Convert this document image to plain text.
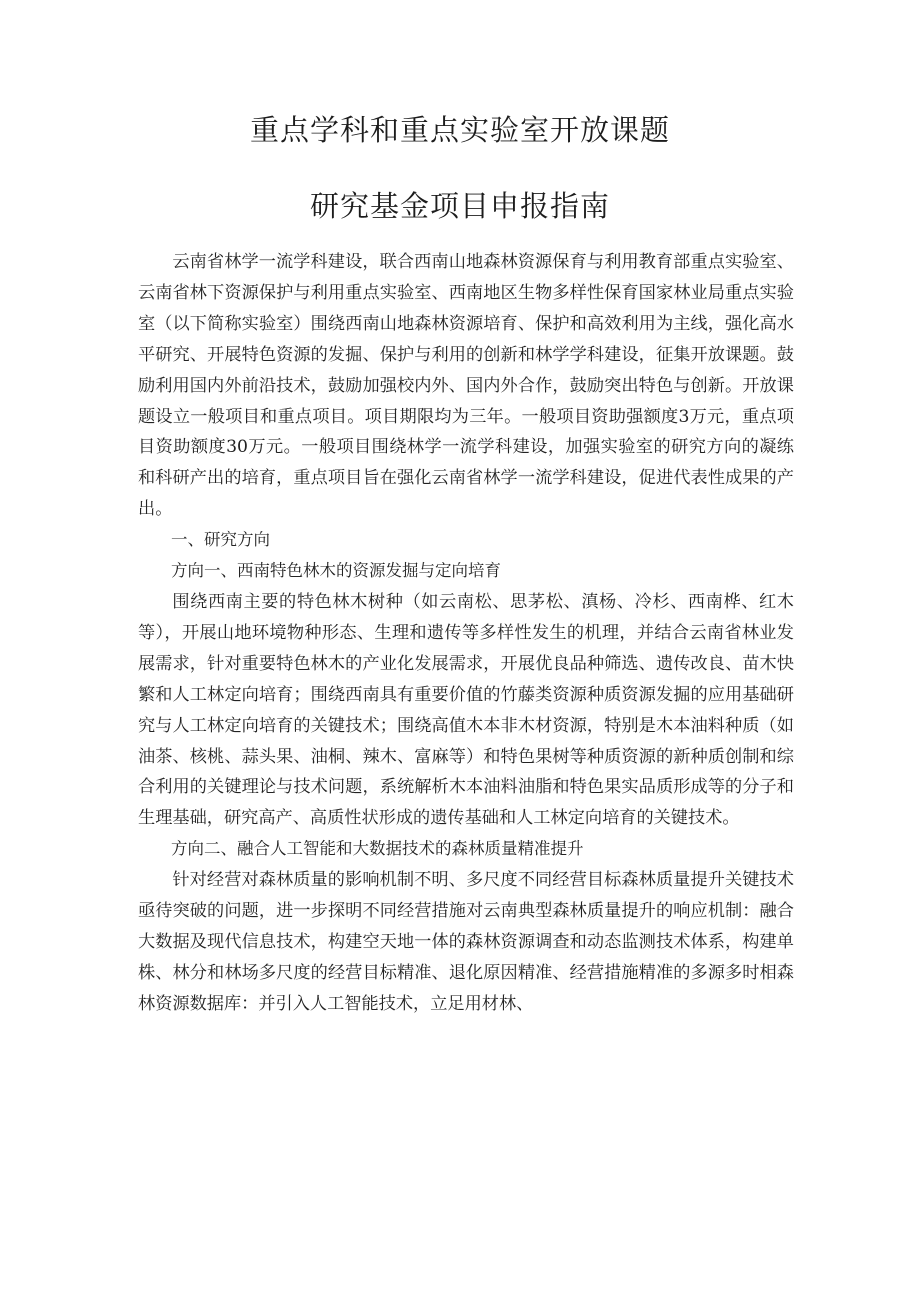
重点学科和重点实验室开放课题
研究基金项目申报指南

云南省林学一流学科建设，联合西南山地森林资源保育与利用教育部重点实验室、云南省林下资源保护与利用重点实验室、西南地区生物多样性保育国家林业局重点实验室（以下简称实验室）围绕西南山地森林资源培育、保护和高效利用为主线，强化高水平研究、开展特色资源的发掘、保护与利用的创新和林学学科建设，征集开放课题。鼓励利用国内外前沿技术，鼓励加强校内外、国内外合作，鼓励突出特色与创新。开放课题设立一般项目和重点项目。项目期限均为三年。一般项目资助强额度3万元，重点项目资助额度30万元。一般项目围绕林学一流学科建设，加强实验室的研究方向的凝练和科研产出的培育，重点项目旨在强化云南省林学一流学科建设，促进代表性成果的产出。

一、研究方向

方向一、西南特色林木的资源发掘与定向培育

围绕西南主要的特色林木树种（如云南松、思茅松、滇杨、冷杉、西南桦、红木等），开展山地环境物种形态、生理和遗传等多样性发生的机理，并结合云南省林业发展需求，针对重要特色林木的产业化发展需求，开展优良品种筛选、遗传改良、苗木快繁和人工林定向培育；围绕西南具有重要价值的竹藤类资源种质资源发掘的应用基础研究与人工林定向培育的关键技术；围绕高值木本非木材资源，特别是木本油料种质（如油茶、核桃、蒜头果、油桐、辣木、富麻等）和特色果树等种质资源的新种质创制和综合利用的关键理论与技术问题，系统解析木本油料油脂和特色果实品质形成等的分子和生理基础，研究高产、高质性状形成的遗传基础和人工林定向培育的关键技术。

方向二、融合人工智能和大数据技术的森林质量精准提升

针对经营对森林质量的影响机制不明、多尺度不同经营目标森林质量提升关键技术亟待突破的问题，进一步探明不同经营措施对云南典型森林质量提升的响应机制：融合大数据及现代信息技术，构建空天地一体的森林资源调查和动态监测技术体系，构建单株、林分和林场多尺度的经营目标精准、退化原因精准、经营措施精准的多源多时相森林资源数据库：并引入人工智能技术，立足用材林、
